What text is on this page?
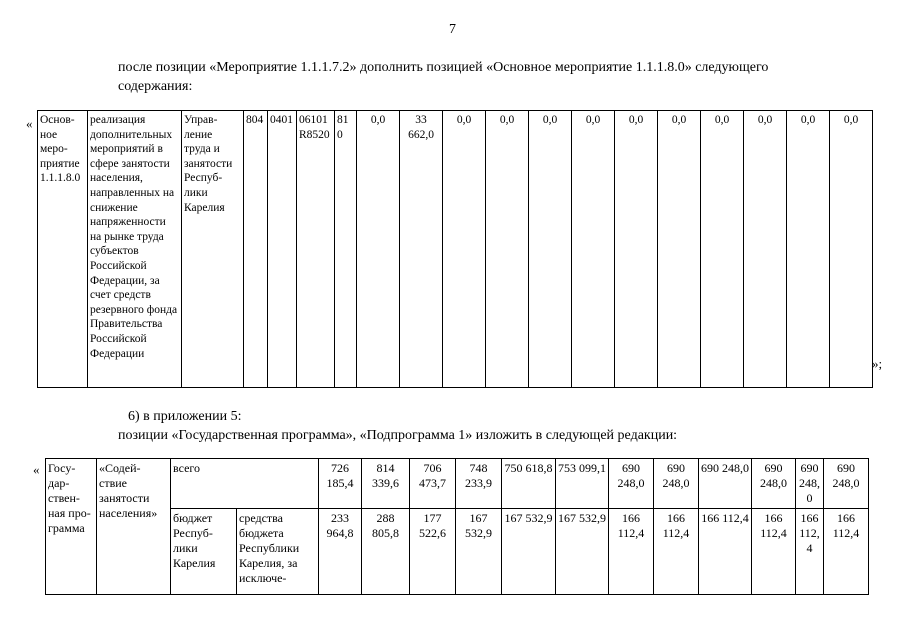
7
после позиции «Мероприятие 1.1.1.7.2» дополнить позицией «Основное мероприятие 1.1.1.8.0» следующего
содержания:
« Основ-ное меро-приятие 1.1.1.8.0	реализация дополнительных мероприятий в сфере занятости населения, направленных на снижение напряженности на рынке труда субъектов Российской Федерации, за счет средств резервного фонда Правительства Российской Федерации	Управ-ление труда и занятости Респуб-лики Карелия	804	0401	06101 R8520	810	0,0	33 662,0	0,0	0,0	0,0	0,0	0,0	0,0	0,0	0,0	0,0	0,0
»;
6) в приложении 5:
позиции «Государственная программа», «Подпрограмма 1» изложить в следующей редакции:
« Госу-дар-ствен-ная про-грамма	«Содей-ствие занятости населения»	всего		726 185,4	814 339,6	706 473,7	748 233,9	750 618,8	753 099,1	690 248,0	690 248,0	690 248,0	690 248,0	690 248,0	690 248,0
		бюджет Респуб-лики Карелия	средства бюджета Республики Карелия, за исключе-	233 964,8	288 805,8	177 522,6	167 532,9	167 532,9	167 532,9	166 112,4	166 112,4	166 112,4	166 112,4	166 112,4	166 112,4
